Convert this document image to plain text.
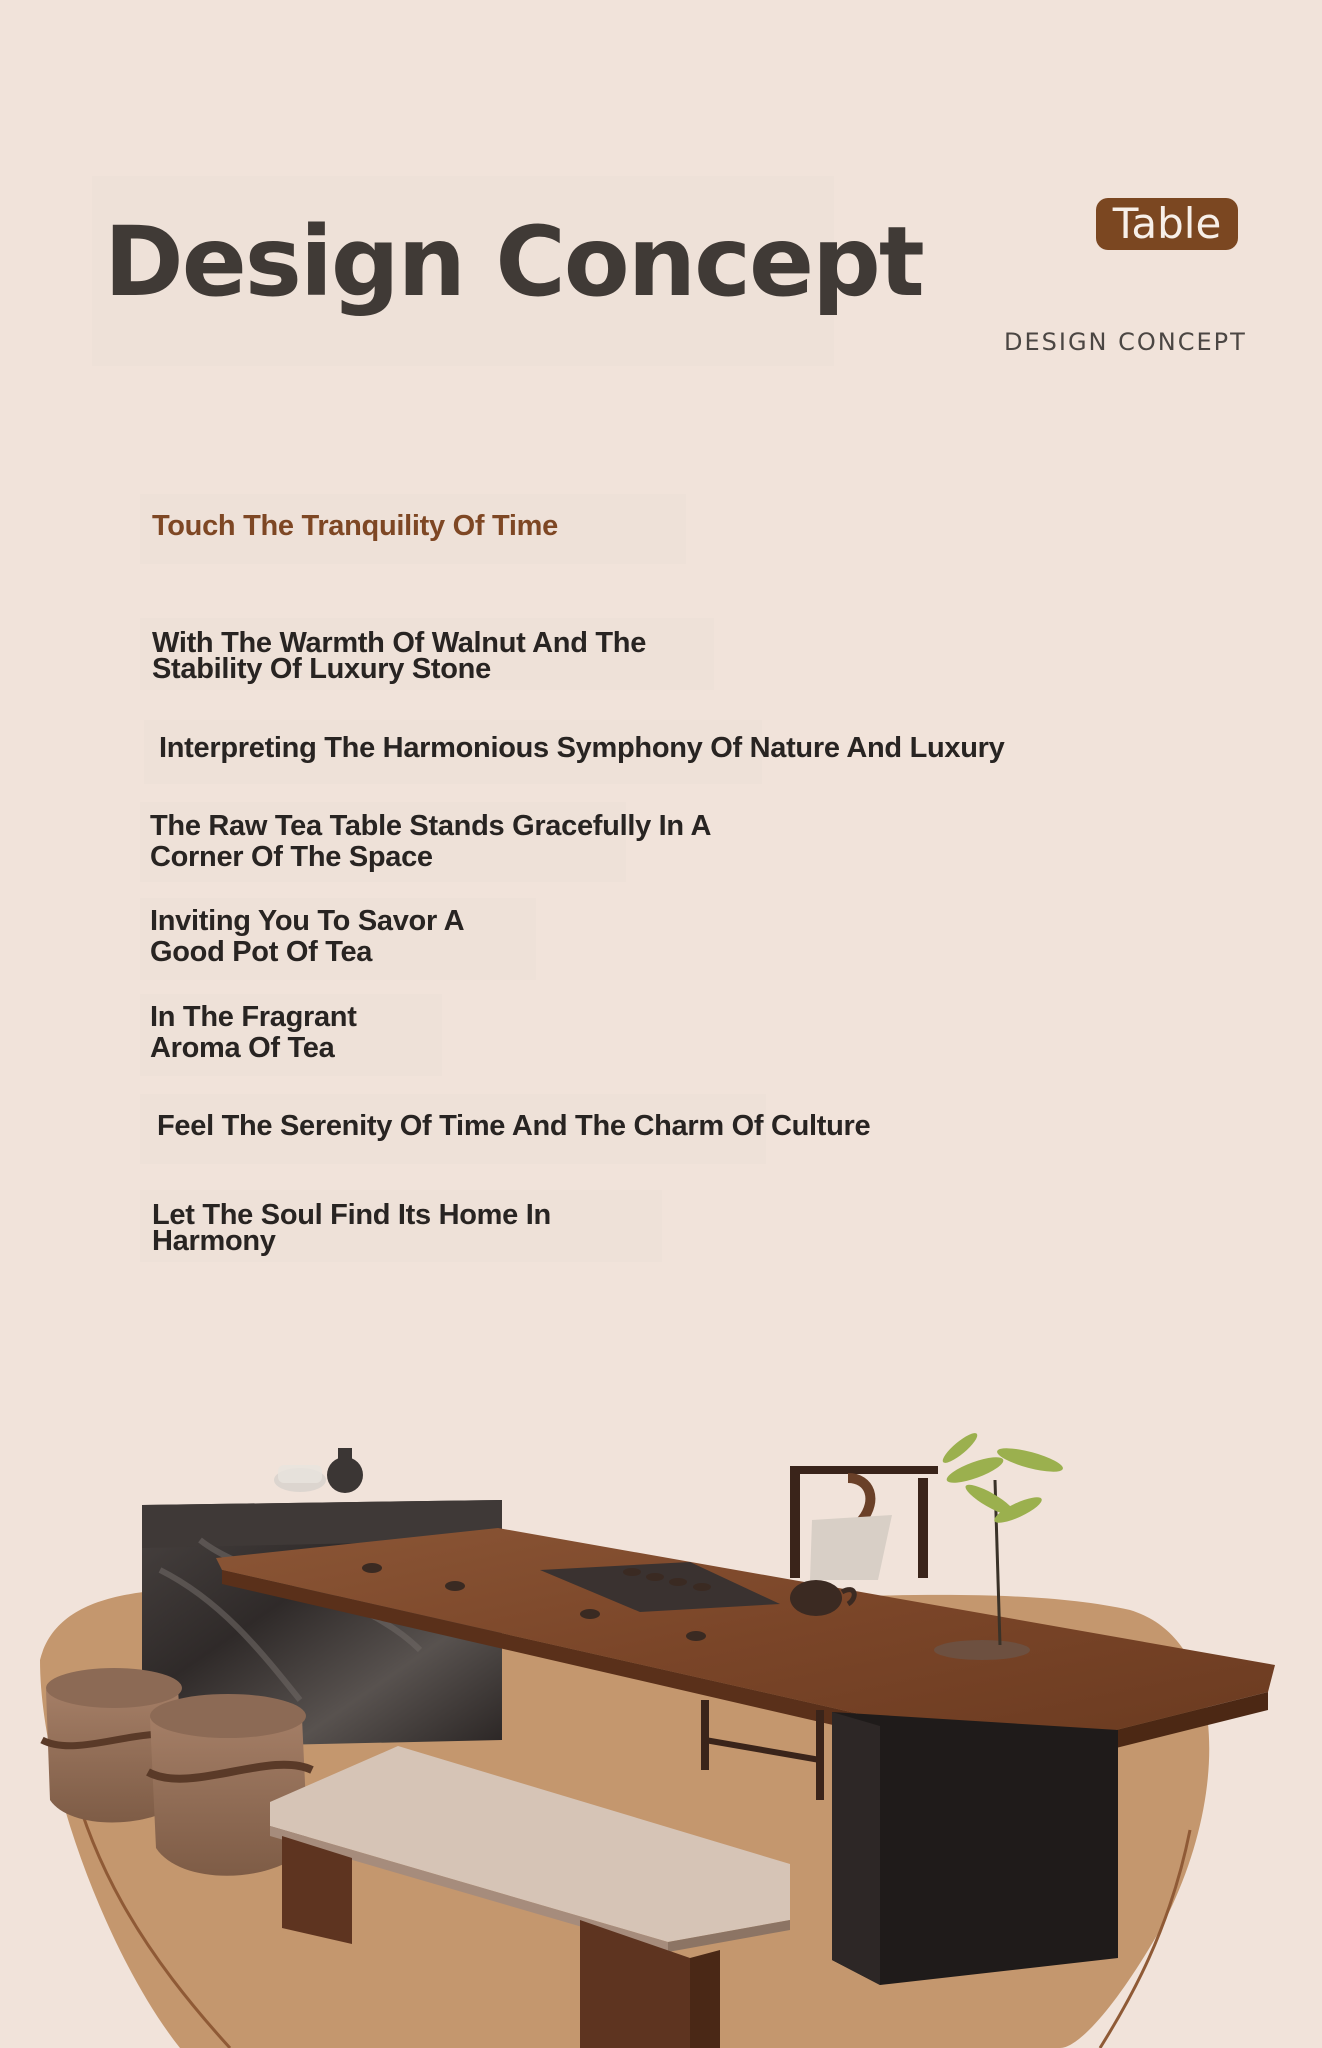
Design Concept	Table
DESIGN CONCEPT

Touch The Tranquility Of Time

With The Warmth Of Walnut And The
Stability Of Luxury Stone

Interpreting The Harmonious Symphony Of Nature And Luxury

The Raw Tea Table Stands Gracefully In A
Corner Of The Space

Inviting You To Savor A
Good Pot Of Tea

In The Fragrant
Aroma Of Tea

Feel The Serenity Of Time And The Charm Of Culture

Let The Soul Find Its Home In
Harmony
